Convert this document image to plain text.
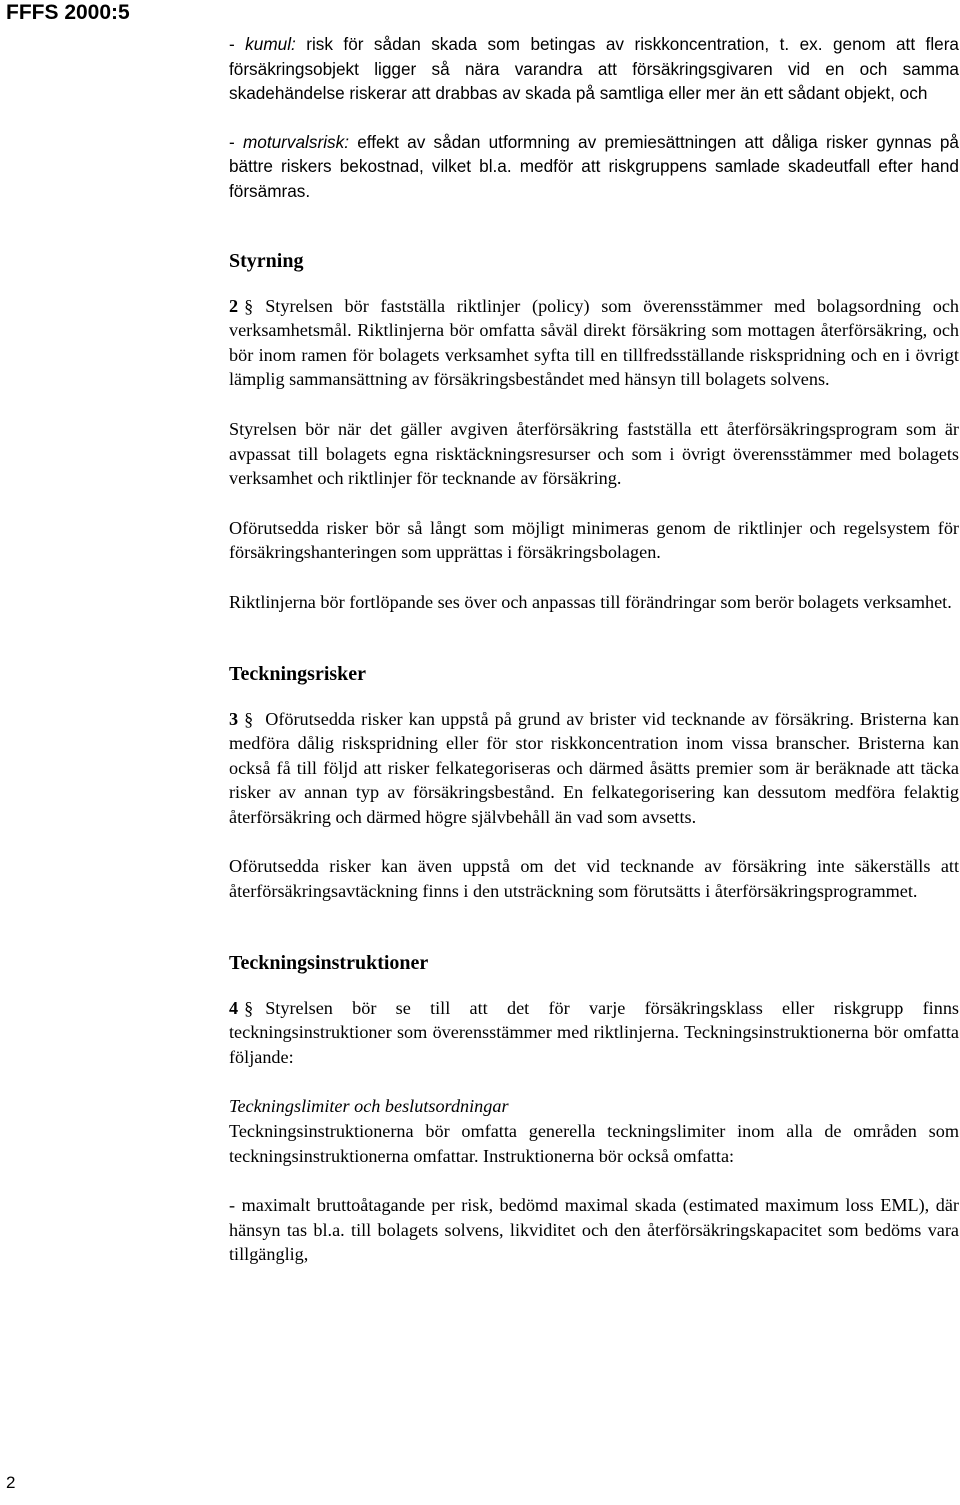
FFFS 2000:5

- kumul: risk för sådan skada som betingas av riskkoncentration, t. ex. genom att flera försäkringsobjekt ligger så nära varandra att försäkringsgivaren vid en och samma skadehändelse riskerar att drabbas av skada på samtliga eller mer än ett sådant objekt, och

- moturvalsrisk: effekt av sådan utformning av premiesättningen att dåliga risker gynnas på bättre riskers bekostnad, vilket bl.a. medför att riskgruppens samlade skadeutfall efter hand försämras.

Styrning

2 § Styrelsen bör fastställa riktlinjer (policy) som överensstämmer med bolagsordning och verksamhetsmål. Riktlinjerna bör omfatta såväl direkt försäkring som mottagen återförsäkring, och bör inom ramen för bolagets verksamhet syfta till en tillfredsställande riskspridning och en i övrigt lämplig sammansättning av försäkringsbeståndet med hänsyn till bolagets solvens.

Styrelsen bör när det gäller avgiven återförsäkring fastställa ett återförsäkringsprogram som är avpassat till bolagets egna risktäckningsresurser och som i övrigt överensstämmer med bolagets verksamhet och riktlinjer för tecknande av försäkring.

Oförutsedda risker bör så långt som möjligt minimeras genom de riktlinjer och regelsystem för försäkringshanteringen som upprättas i försäkringsbolagen.

Riktlinjerna bör fortlöpande ses över och anpassas till förändringar som berör bolagets verksamhet.

Teckningsrisker

3 § Oförutsedda risker kan uppstå på grund av brister vid tecknande av försäkring. Bristerna kan medföra dålig riskspridning eller för stor riskkoncentration inom vissa branscher. Bristerna kan också få till följd att risker felkategoriseras och därmed åsätts premier som är beräknade att täcka risker av annan typ av försäkringsbestånd. En felkategorisering kan dessutom medföra felaktig återförsäkring och därmed högre självbehåll än vad som avsetts.

Oförutsedda risker kan även uppstå om det vid tecknande av försäkring inte säkerställs att återförsäkringsavtäckning finns i den utsträckning som förutsätts i återförsäkringsprogrammet.

Teckningsinstruktioner

4 § Styrelsen bör se till att det för varje försäkringsklass eller riskgrupp finns teckningsinstruktioner som överensstämmer med riktlinjerna. Teckningsinstruktionerna bör omfatta följande:

Teckningslimiter och beslutsordningar

Teckningsinstruktionerna bör omfatta generella teckningslimiter inom alla de områden som teckningsinstruktionerna omfattar. Instruktionerna bör också omfatta:

- maximalt bruttoåtagande per risk, bedömd maximal skada (estimated maximum loss EML), där hänsyn tas bl.a. till bolagets solvens, likviditet och den återförsäkringskapacitet som bedöms vara tillgänglig,

2
